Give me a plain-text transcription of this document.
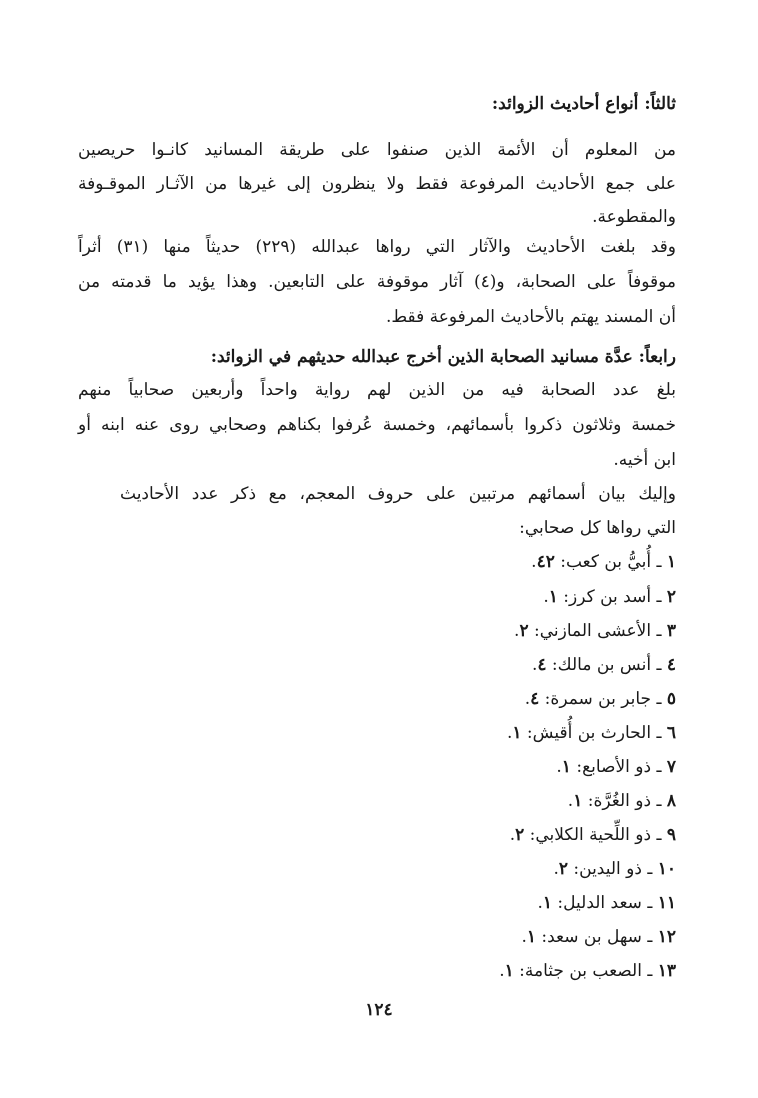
ثالثاً: أنواع أحاديث الزوائد:
من المعلوم أن الأئمة الذين صنفوا على طريقة المسانيد كانـوا حريصين
على جمع الأحاديث المرفوعة فقط ولا ينظرون إلى غيرها من الآثـار الموقـوفة
والمقطوعة.
وقد بلغت الأحاديث والآثار التي رواها عبدالله (٢٢٩) حديثاً منها (٣١) أثراً
موقوفاً على الصحابة، و(٤) آثار موقوفة على التابعين. وهذا يؤيد ما قدمته من
أن المسند يهتم بالأحاديث المرفوعة فقط.
رابعاً: عدَّة مسانيد الصحابة الذين أخرج عبدالله حديثهم في الزوائد:
بلغ عدد الصحابة فيه من الذين لهم رواية واحداً وأربعين صحابياً منهم
خمسة وثلاثون ذكروا بأسمائهم، وخمسة عُرفوا بكناهم وصحابي روى عنه ابنه أو
ابن أخيه.
وإليك بيان أسمائهم مرتبين على حروف المعجم، مع ذكر عدد الأحاديث
التي رواها كل صحابي:
١ ـ أُبيُّ بن كعب: ٤٢.
٢ ـ أسد بن كرز: ١.
٣ ـ الأعشى المازني: ٢.
٤ ـ أنس بن مالك: ٤.
٥ ـ جابر بن سمرة: ٤.
٦ ـ الحارث بن أُقيش: ١.
٧ ـ ذو الأصابع: ١.
٨ ـ ذو الغُرَّة: ١.
٩ ـ ذو اللِّحية الكلابي: ٢.
١٠ ـ ذو اليدين: ٢.
١١ ـ سعد الدليل: ١.
١٢ ـ سهل بن سعد: ١.
١٣ ـ الصعب بن جثامة: ١.
١٢٤
